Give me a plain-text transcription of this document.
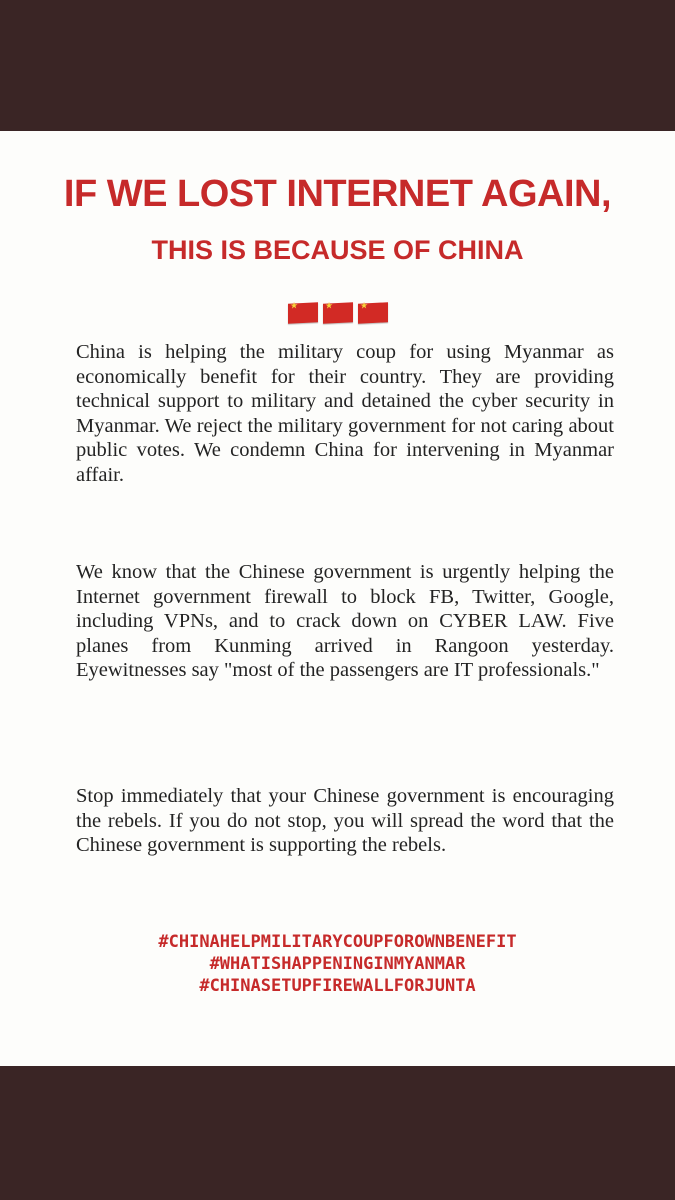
IF WE LOST INTERNET AGAIN,
THIS IS BECAUSE OF CHINA
★	★	★

China is helping the military coup for using Myanmar as economically benefit for their country. They are providing technical support to military and detained the cyber security in Myanmar. We reject the military government for not caring about public votes. We condemn China for intervening in Myanmar affair.

We know that the Chinese government is urgently helping the Internet government firewall to block FB, Twitter, Google, including VPNs, and to crack down on CYBER LAW. Five planes from Kunming arrived in Rangoon yesterday. Eyewitnesses say "most of the passengers are IT professionals."

Stop immediately that your Chinese government is encouraging the rebels. If you do not stop, you will spread the word that the Chinese government is supporting the rebels.

#CHINAHELPMILITARYCOUPFOROWNBENEFIT
#WHATISHAPPENINGINMYANMAR
#CHINASETUPFIREWALLFORJUNTA
